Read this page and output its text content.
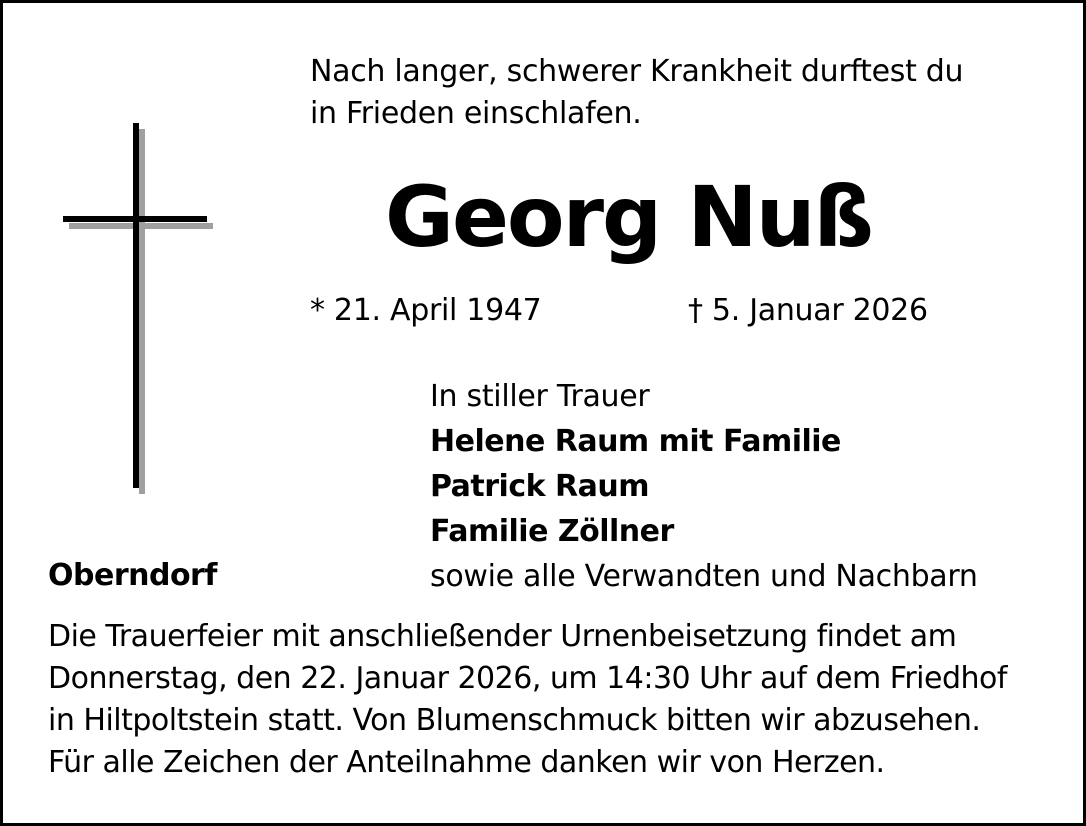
Nach langer, schwerer Krankheit durftest du
in Frieden einschlafen.
Georg Nuß
* 21. April 1947	† 5. Januar 2026
In stiller Trauer
Helene Raum mit Familie
Patrick Raum
Familie Zöllner
sowie alle Verwandten und Nachbarn
Oberndorf
Die Trauerfeier mit anschließender Urnenbeisetzung findet am
Donnerstag, den 22. Januar 2026, um 14:30 Uhr auf dem Friedhof
in Hiltpoltstein statt. Von Blumenschmuck bitten wir abzusehen.
Für alle Zeichen der Anteilnahme danken wir von Herzen.
